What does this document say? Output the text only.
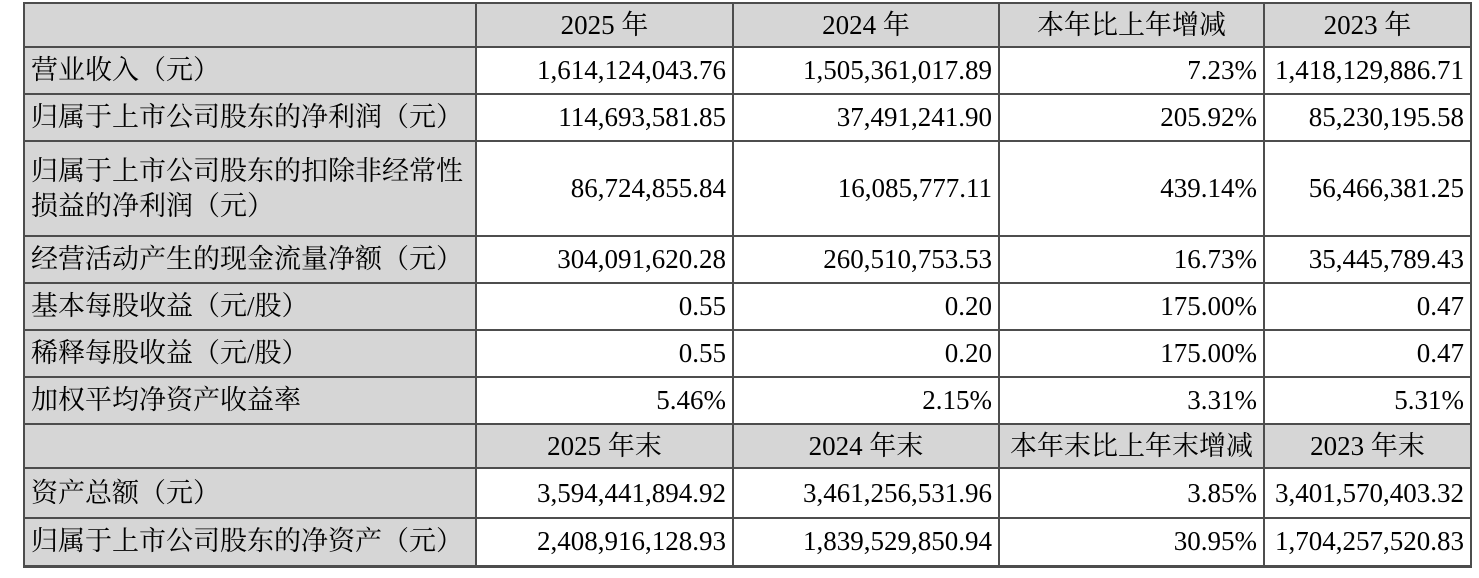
	2025 年	2024 年	本年比上年增减	2023 年
营业收入（元）	1,614,124,043.76	1,505,361,017.89	7.23%	1,418,129,886.71
归属于上市公司股东的净利润（元）	114,693,581.85	37,491,241.90	205.92%	85,230,195.58
归属于上市公司股东的扣除非经常性损益的净利润（元）	86,724,855.84	16,085,777.11	439.14%	56,466,381.25
经营活动产生的现金流量净额（元）	304,091,620.28	260,510,753.53	16.73%	35,445,789.43
基本每股收益（元/股）	0.55	0.20	175.00%	0.47
稀释每股收益（元/股）	0.55	0.20	175.00%	0.47
加权平均净资产收益率	5.46%	2.15%	3.31%	5.31%
	2025 年末	2024 年末	本年末比上年末增减	2023 年末
资产总额（元）	3,594,441,894.92	3,461,256,531.96	3.85%	3,401,570,403.32
归属于上市公司股东的净资产（元）	2,408,916,128.93	1,839,529,850.94	30.95%	1,704,257,520.83
